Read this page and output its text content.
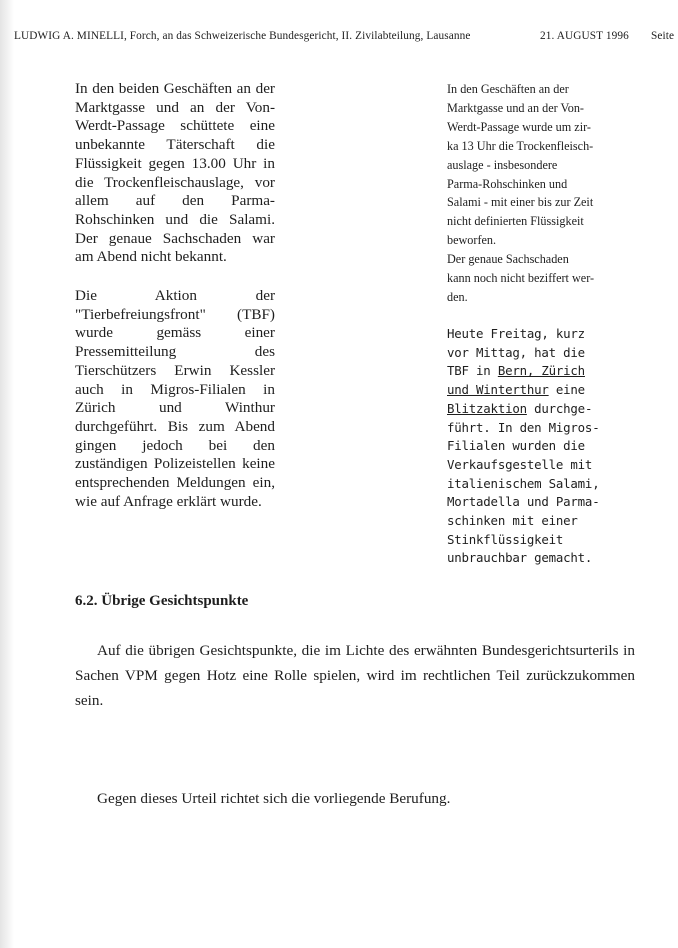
LUDWIG A. MINELLI, Forch, an das Schweizerische Bundesgericht, II. Zivilabteilung, Lausanne	21. AUGUST 1996 Seite

In den beiden Geschäften an der Marktgasse und an der Von-Werdt-Passage schüttete eine unbekannte Täterschaft die Flüssigkeit gegen 13.00 Uhr in die Trockenfleischauslage, vor allem auf den Parma-Rohschinken und die Salami. Der genaue Sachschaden war am Abend nicht bekannt.

Die Aktion der "Tierbefreiungsfront" (TBF) wurde gemäss einer Pressemitteilung des Tierschützers Erwin Kessler auch in Migros-Filialen in Zürich und Winthur durchgeführt. Bis zum Abend gingen jedoch bei den zuständigen Polizeistellen keine entsprechenden Meldungen ein, wie auf Anfrage erklärt wurde.

In den Geschäften an der
Marktgasse und an der Von-
Werdt-Passage wurde um zir-
ka 13 Uhr die Trockenfleisch-
auslage - insbesondere
Parma-Rohschinken und
Salami - mit einer bis zur Zeit
nicht definierten Flüssigkeit
beworfen.
Der genaue Sachschaden
kann noch nicht beziffert wer-
den.

Heute Freitag, kurz
vor Mittag, hat die
TBF in Bern, Zürich
und Winterthur eine
Blitzaktion durchge-
führt. In den Migros-
Filialen wurden die
Verkaufsgestelle mit
italienischem Salami,
Mortadella und Parma-
schinken mit einer
Stinkflüssigkeit
unbrauchbar gemacht.

6.2. Übrige Gesichtspunkte

Auf die übrigen Gesichtspunkte, die im Lichte des erwähnten Bundesgerichtsurterils in Sachen VPM gegen Hotz eine Rolle spielen, wird im rechtlichen Teil zurückzukommen sein.

Gegen dieses Urteil richtet sich die vorliegende Berufung.
